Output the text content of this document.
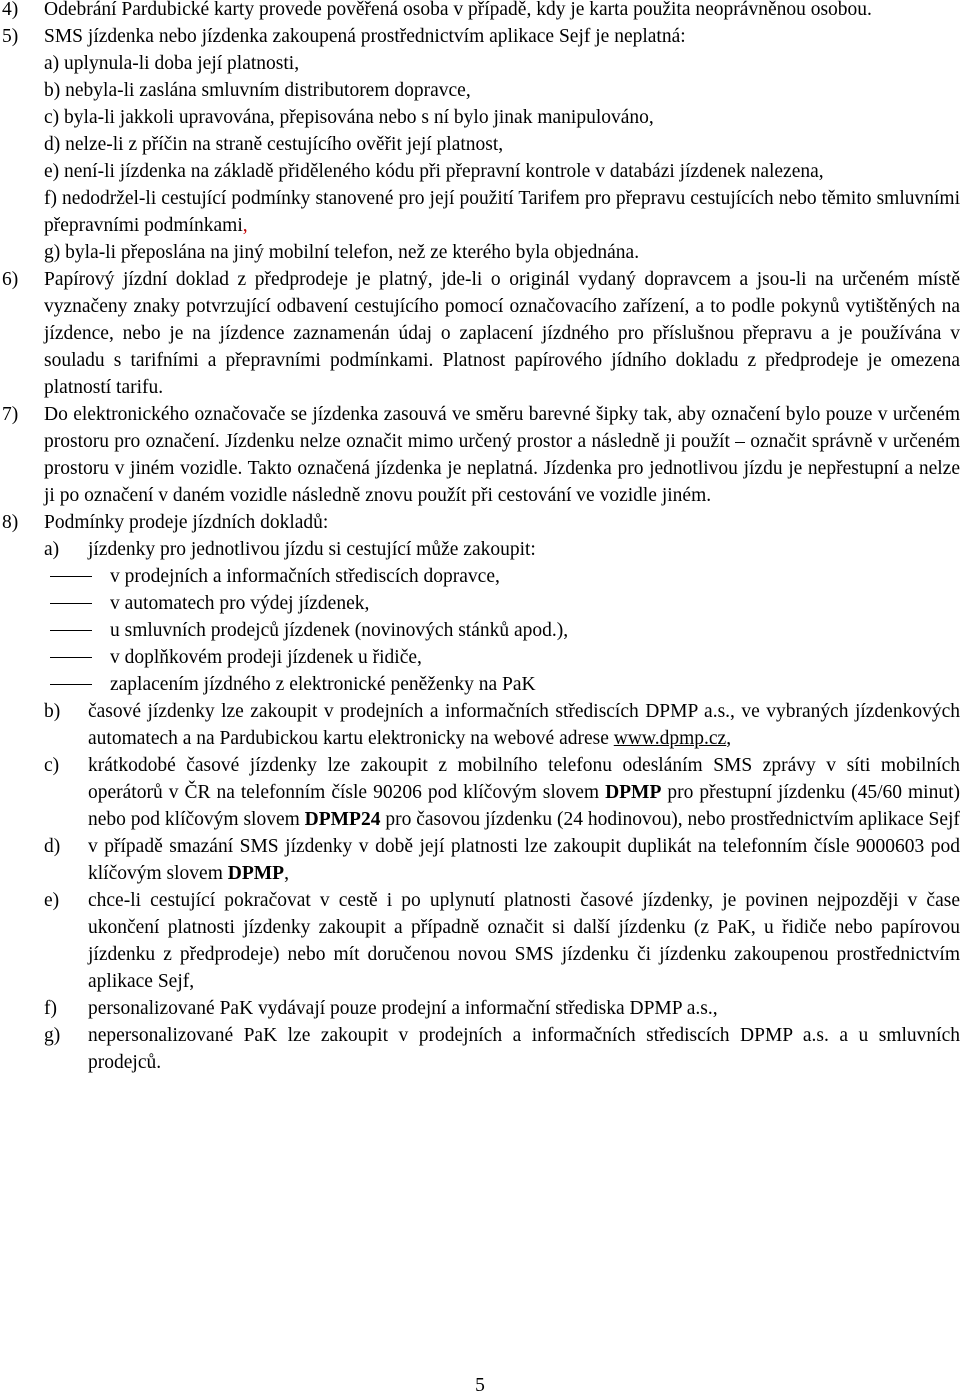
4) Odebrání Pardubické karty provede pověřená osoba v případě, kdy je karta použita neoprávněnou osobou.
5) SMS jízdenka nebo jízdenka zakoupená prostřednictvím aplikace Sejf je neplatná:
a) uplynula-li doba její platnosti,
b) nebyla-li zaslána smluvním distributorem dopravce,
c) byla-li jakkoli upravována, přepisována nebo s ní bylo jinak manipulováno,
d) nelze-li z příčin na straně cestujícího ověřit její platnost,
e) není-li jízdenka na základě přiděleného kódu při přepravní kontrole v databázi jízdenek nalezena,
f) nedodržel-li cestující podmínky stanovené pro její použití Tarifem pro přepravu cestujících nebo těmito smluvními přepravními podmínkami,
g) byla-li přeposlána na jiný mobilní telefon, než ze kterého byla objednána.
6) Papírový jízdní doklad z předprodeje je platný, jde-li o originál vydaný dopravcem a jsou-li na určeném místě vyznačeny znaky potvrzující odbavení cestujícího pomocí označovacího zařízení, a to podle pokynů vytištěných na jízdence, nebo je na jízdence zaznamenán údaj o zaplacení jízdného pro příslušnou přepravu a je používána v souladu s tarifními a přepravními podmínkami. Platnost papírového jídního dokladu z předprodeje je omezena platností tarifu.
7) Do elektronického označovače se jízdenka zasouvá ve směru barevné šipky tak, aby označení bylo pouze v určeném prostoru pro označení. Jízdenku nelze označit mimo určený prostor a následně ji použít – označit správně v určeném prostoru v jiném vozidle. Takto označená jízdenka je neplatná. Jízdenka pro jednotlivou jízdu je nepřestupní a nelze ji po označení v daném vozidle následně znovu použít při cestování ve vozidle jiném.
8) Podmínky prodeje jízdních dokladů:
a) jízdenky pro jednotlivou jízdu si cestující může zakoupit:
v prodejních a informačních střediscích dopravce,
v automatech pro výdej jízdenek,
u smluvních prodejců jízdenek (novinových stánků apod.),
v doplňkovém prodeji jízdenek u řidiče,
zaplacením jízdného z elektronické peněženky na PaK
b) časové jízdenky lze zakoupit v prodejních a informačních střediscích DPMP a.s., ve vybraných jízdenkových automatech a na Pardubickou kartu elektronicky na webové adrese www.dpmp.cz,
c) krátkodobé časové jízdenky lze zakoupit z mobilního telefonu odesláním SMS zprávy v síti mobilních operátorů v ČR na telefonním čísle 90206 pod klíčovým slovem DPMP pro přestupní jízdenku (45/60 minut) nebo pod klíčovým slovem DPMP24 pro časovou jízdenku (24 hodinovou), nebo prostřednictvím aplikace Sejf
d) v případě smazání SMS jízdenky v době její platnosti lze zakoupit duplikát na telefonním čísle 9000603 pod klíčovým slovem DPMP,
e) chce-li cestující pokračovat v cestě i po uplynutí platnosti časové jízdenky, je povinen nejpozději v čase ukončení platnosti jízdenky zakoupit a případně označit si další jízdenku (z PaK, u řidiče nebo papírovou jízdenku z předprodeje) nebo mít doručenou novou SMS jízdenku či jízdenku zakoupenou prostřednictvím aplikace Sejf,
f) personalizované PaK vydávají pouze prodejní a informační střediska DPMP a.s.,
g) nepersonalizované PaK lze zakoupit v prodejních a informačních střediscích DPMP a.s. a u smluvních prodejců.
5
